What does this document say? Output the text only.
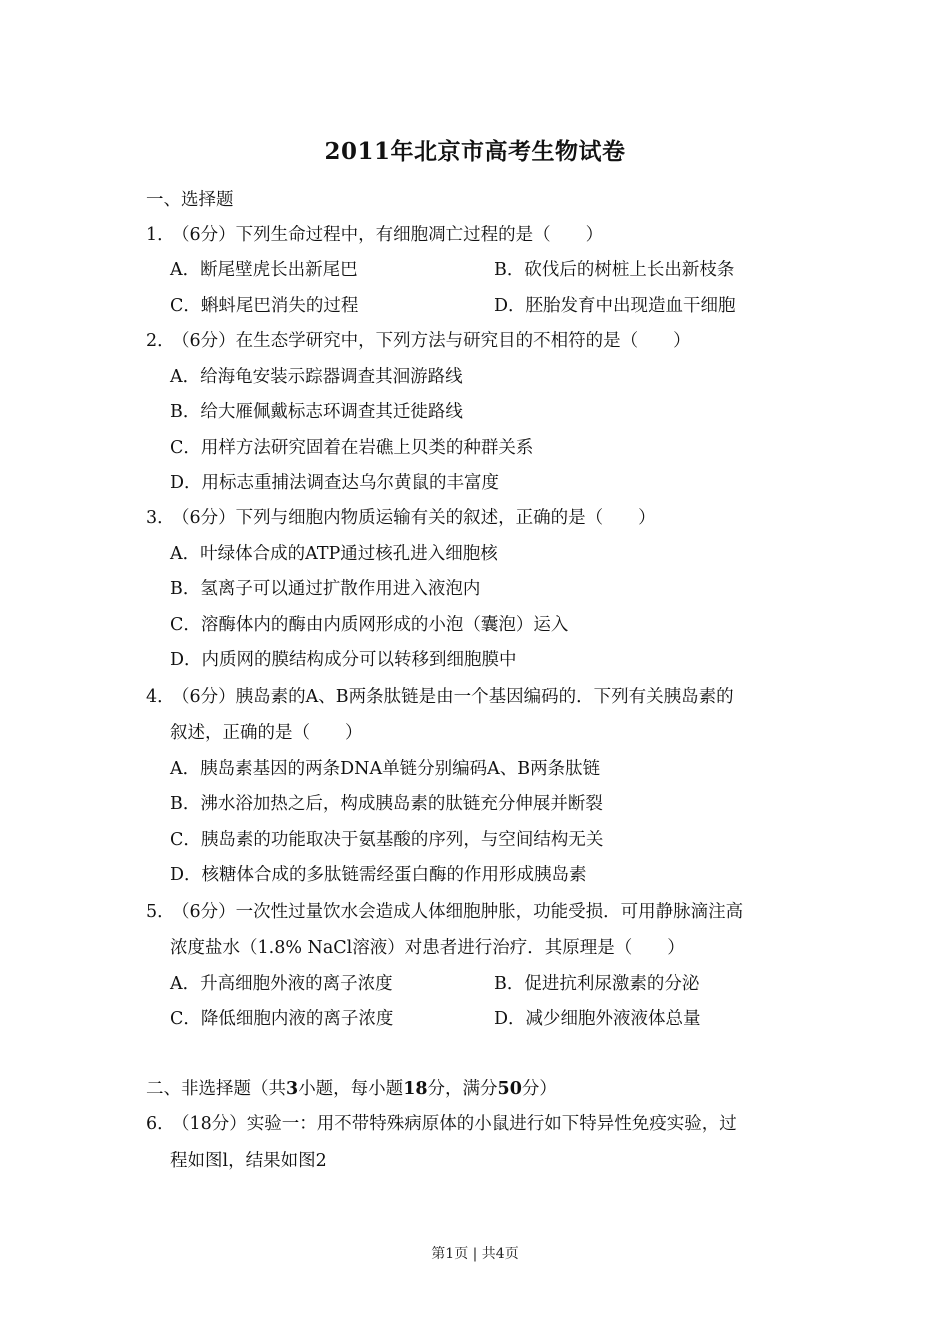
2011年北京市高考生物试卷
一、选择题
1．（6分）下列生命过程中，有细胞凋亡过程的是（　　）
A．断尾壁虎长出新尾巴	B．砍伐后的树桩上长出新枝条
C．蝌蚪尾巴消失的过程	D．胚胎发育中出现造血干细胞
2．（6分）在生态学研究中，下列方法与研究目的不相符的是（　　）
A．给海龟安装示踪器调查其洄游路线
B．给大雁佩戴标志环调查其迁徙路线
C．用样方法研究固着在岩礁上贝类的种群关系
D．用标志重捕法调查达乌尔黄鼠的丰富度
3．（6分）下列与细胞内物质运输有关的叙述，正确的是（　　）
A．叶绿体合成的ATP通过核孔进入细胞核
B．氢离子可以通过扩散作用进入液泡内
C．溶酶体内的酶由内质网形成的小泡（囊泡）运入
D．内质网的膜结构成分可以转移到细胞膜中
4．（6分）胰岛素的A、B两条肽链是由一个基因编码的．下列有关胰岛素的
叙述，正确的是（　　）
A．胰岛素基因的两条DNA单链分别编码A、B两条肽链
B．沸水浴加热之后，构成胰岛素的肽链充分伸展并断裂
C．胰岛素的功能取决于氨基酸的序列，与空间结构无关
D．核糖体合成的多肽链需经蛋白酶的作用形成胰岛素
5．（6分）一次性过量饮水会造成人体细胞肿胀，功能受损．可用静脉滴注高
浓度盐水（1.8% NaCl溶液）对患者进行治疗．其原理是（　　）
A．升高细胞外液的离子浓度	B．促进抗利尿激素的分泌
C．降低细胞内液的离子浓度	D．减少细胞外液液体总量
二、非选择题（共3小题，每小题18分，满分50分）
6．（18分）实验一：用不带特殊病原体的小鼠进行如下特异性免疫实验，过
程如图l，结果如图2
第1页 | 共4页
